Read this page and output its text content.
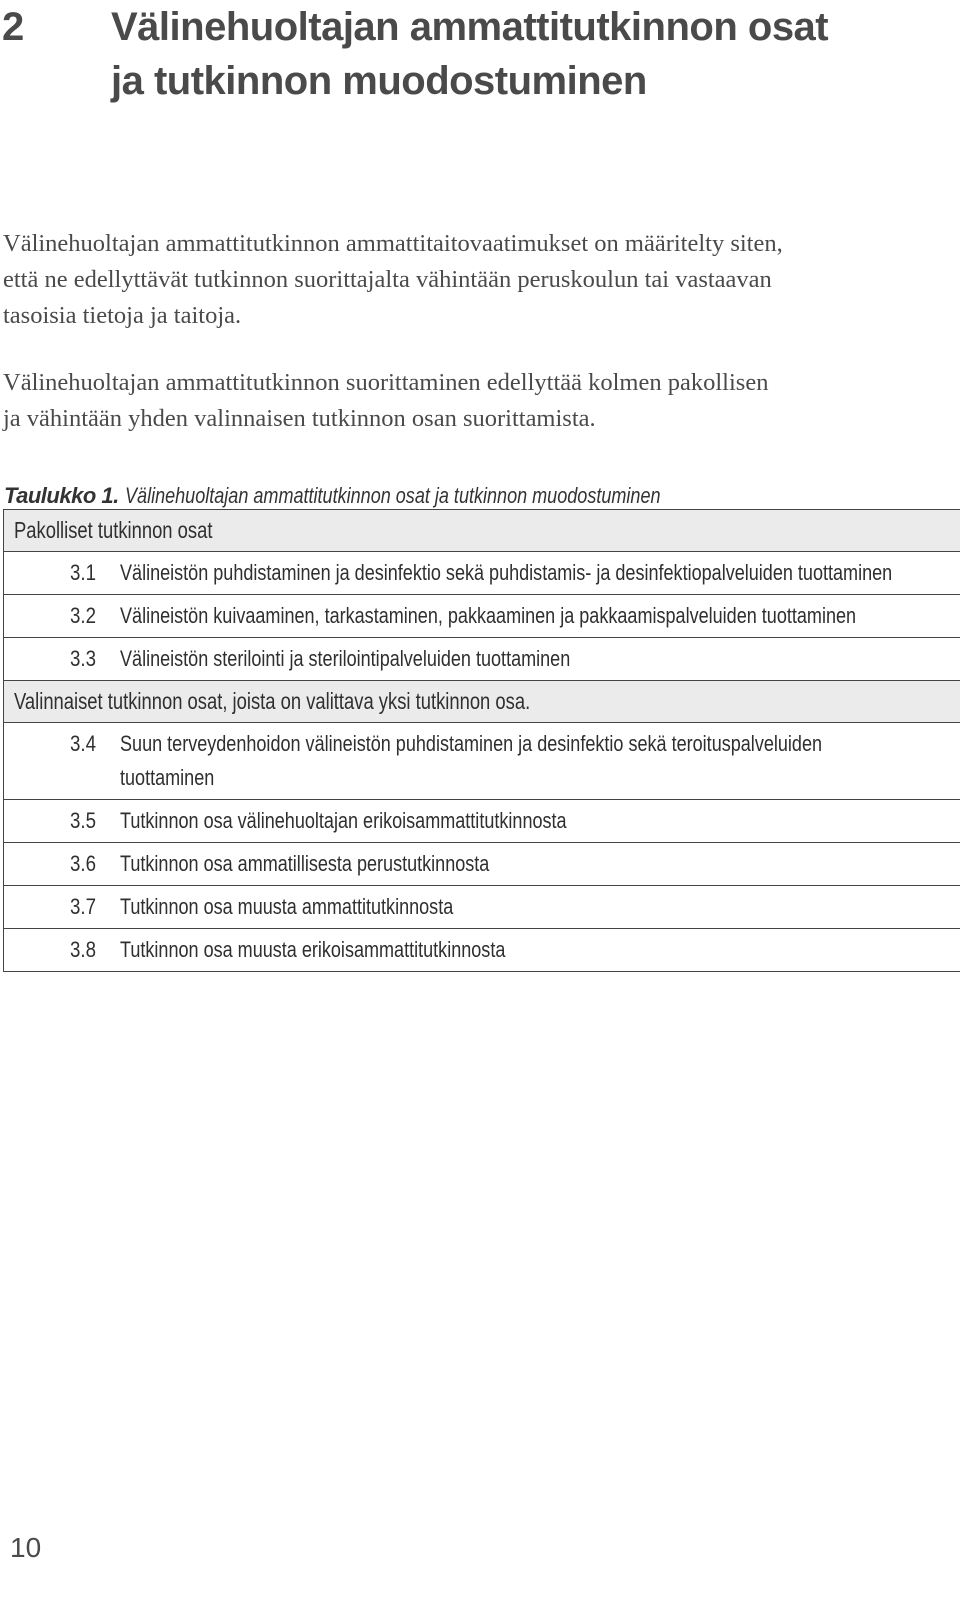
2 Välinehuoltajan ammattitutkinnon osat
ja tutkinnon muodostuminen

Välinehuoltajan ammattitutkinnon ammattitaitovaatimukset on määritelty siten,
että ne edellyttävät tutkinnon suorittajalta vähintään peruskoulun tai vastaavan
tasoisia tietoja ja taitoja.

Välinehuoltajan ammattitutkinnon suorittaminen edellyttää kolmen pakollisen
ja vähintään yhden valinnaisen tutkinnon osan suorittamista.

Taulukko 1. Välinehuoltajan ammattitutkinnon osat ja tutkinnon muodostuminen
Pakolliset tutkinnon osat

3.1 Välineistön puhdistaminen ja desinfektio sekä puhdistamis- ja desinfektiopalveluiden tuottaminen

3.2 Välineistön kuivaaminen, tarkastaminen, pakkaaminen ja pakkaamispalveluiden tuottaminen

3.3 Välineistön sterilointi ja sterilointipalveluiden tuottaminen

Valinnaiset tutkinnon osat, joista on valittava yksi tutkinnon osa.

3.4 Suun terveydenhoidon välineistön puhdistaminen ja desinfektio sekä teroituspalveluiden tuottaminen

3.5 Tutkinnon osa välinehuoltajan erikoisammattitutkinnosta

3.6 Tutkinnon osa ammatillisesta perustutkinnosta

3.7 Tutkinnon osa muusta ammattitutkinnosta

3.8 Tutkinnon osa muusta erikoisammattitutkinnosta
10
